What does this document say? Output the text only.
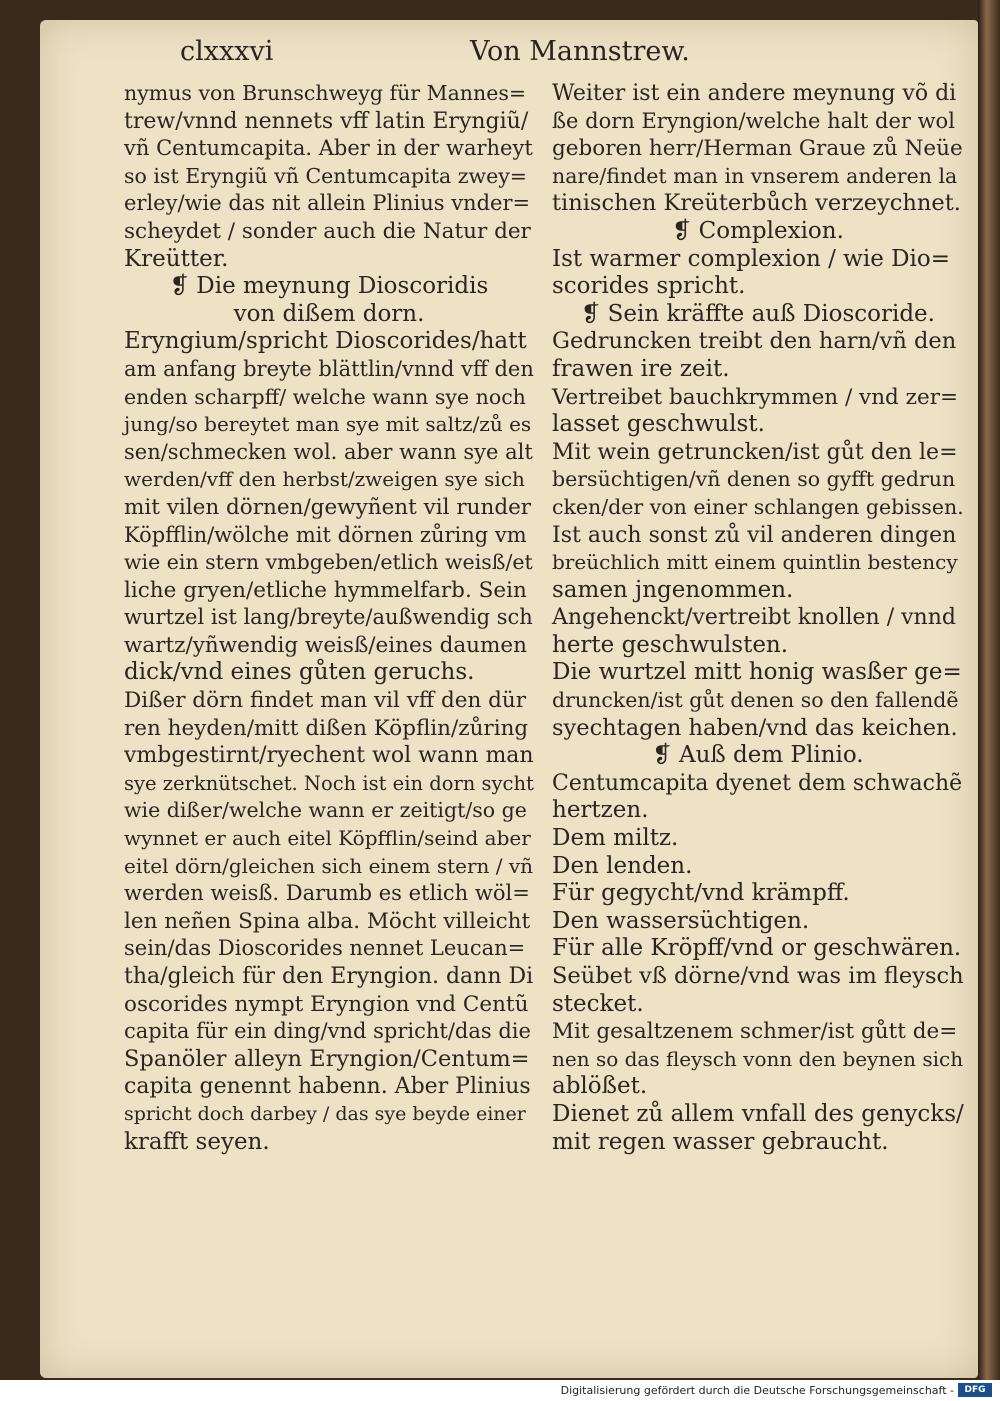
clxxxvi	Von Mannstrew.
nymus von Brunschweyg für Mannes=
trew/vnnd nennets vff latin Eryngiũ/
vñ Centumcapita. Aber in der warheyt
so ist Eryngiũ vñ Centumcapita zwey=
erley/wie das nit allein Plinius vnder=
scheydet / sonder auch die Natur der
Kreütter.
❡ Die meynung Dioscoridis
von dißem dorn.
Eryngium/spricht Dioscorides/hatt
am anfang breyte blättlin/vnnd vff den
enden scharpff/ welche wann sye noch
jung/so bereytet man sye mit saltz/zů es
sen/schmecken wol. aber wann sye alt
werden/vff den herbst/zweigen sye sich
mit vilen dörnen/gewyñent vil runder
Köpfflin/wölche mit dörnen zůring vm
wie ein stern vmbgeben/etlich weisß/et
liche gryen/etliche hymmelfarb. Sein
wurtzel ist lang/breyte/außwendig sch
wartz/yñwendig weisß/eines daumen
dick/vnd eines gůten geruchs.
Dißer dörn findet man vil vff den dür
ren heyden/mitt dißen Köpflin/zůring
vmbgestirnt/ryechent wol wann man
sye zerknütschet. Noch ist ein dorn sycht
wie dißer/welche wann er zeitigt/so ge
wynnet er auch eitel Köpfflin/seind aber
eitel dörn/gleichen sich einem stern / vñ
werden weisß. Darumb es etlich wöl=
len neñen Spina alba. Möcht villeicht
sein/das Dioscorides nennet Leucan=
tha/gleich für den Eryngion. dann Di
oscorides nympt Eryngion vnd Centũ
capita für ein ding/vnd spricht/das die
Spanöler alleyn Eryngion/Centum=
capita genennt habenn. Aber Plinius
spricht doch darbey / das sye beyde einer
krafft seyen.
Weiter ist ein andere meynung võ di
ße dorn Eryngion/welche halt der wol
geboren herr/Herman Graue zů Neüe
nare/findet man in vnserem anderen la
tinischen Kreüterbůch verzeychnet.
❡ Complexion.
Ist warmer complexion / wie Dio=
scorides spricht.
❡ Sein kräffte auß Dioscoride.
Gedruncken treibt den harn/vñ den
frawen ire zeit.
Vertreibet bauchkrymmen / vnd zer=
lasset geschwulst.
Mit wein getruncken/ist gůt den le=
bersüchtigen/vñ denen so gyfft gedrun
cken/der von einer schlangen gebissen.
Ist auch sonst zů vil anderen dingen
breüchlich mitt einem quintlin bestency
samen jngenommen.
Angehenckt/vertreibt knollen / vnnd
herte geschwulsten.
Die wurtzel mitt honig wasßer ge=
druncken/ist gůt denen so den fallendẽ
syechtagen haben/vnd das keichen.
❡ Auß dem Plinio.
Centumcapita dyenet dem schwachẽ
hertzen.
Dem miltz.
Den lenden.
Für gegycht/vnd krämpff.
Den wassersüchtigen.
Für alle Kröpff/vnd or geschwären.
Seübet vß dörne/vnd was im fleysch
stecket.
Mit gesaltzenem schmer/ist gůtt de=
nen so das fleysch vonn den beynen sich
ablößet.
Dienet zů allem vnfall des genycks/
mit regen wasser gebraucht.
Digitalisierung gefördert durch die Deutsche Forschungsgemeinschaft -	DFG
